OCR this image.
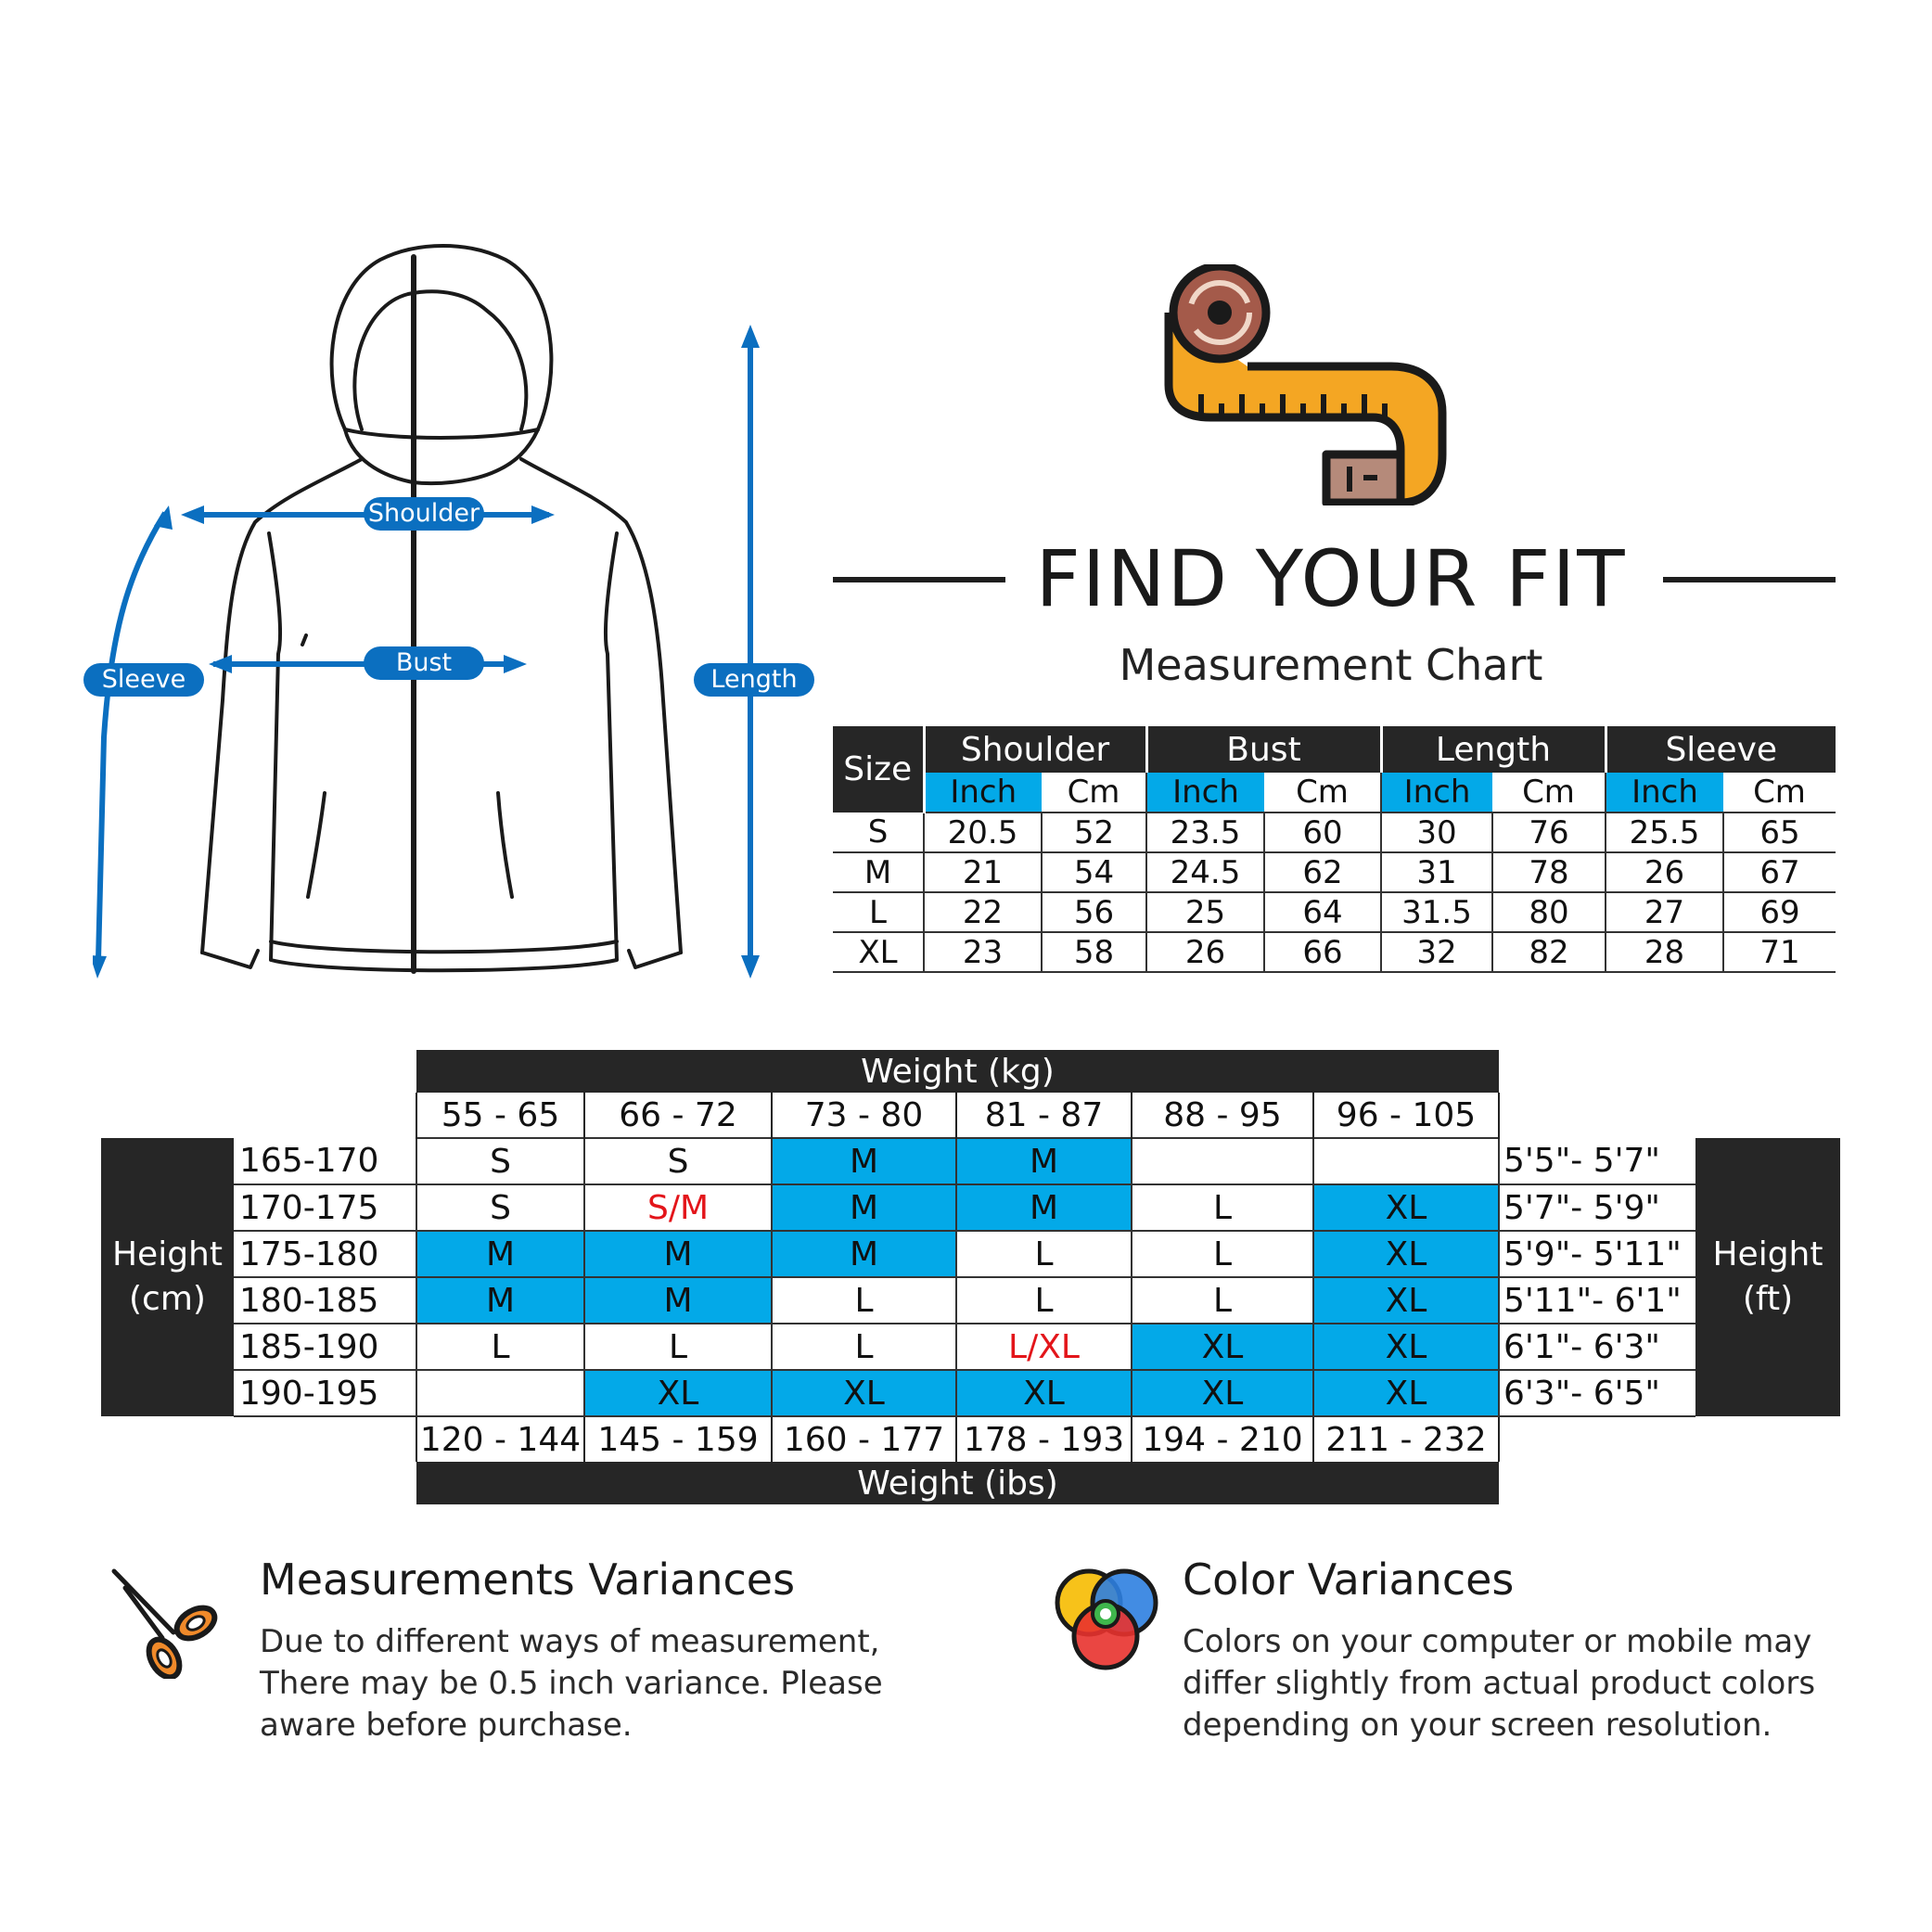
Shoulder
Bust
Sleeve	Length
FIND YOUR FIT
Measurement Chart
Size	Shoulder		Bust		Length		Sleeve	
	Inch	Cm	Inch	Cm	Inch	Cm	Inch	Cm
S	20.5	52	23.5	60	30	76	25.5	65
M	21	54	24.5	62	31	78	26	67
L	22	56	25	64	31.5	80	27	69
XL	23	58	26	66	32	82	28	71
		Weight (kg)							
		55 - 65	66 - 72	73 - 80	81 - 87	88 - 95	96 - 105		
Height (cm)	165-170	S	S	M	M			5'5"- 5'7"	Height (ft)
	170-175	S	S/M	M	M	L	XL	5'7"- 5'9"	
	175-180	M	M	M	L	L	XL	5'9"- 5'11"	
	180-185	M	M	L	L	L	XL	5'11"- 6'1"	
	185-190	L	L	L	L/XL	XL	XL	6'1"- 6'3"	
	190-195		XL	XL	XL	XL	XL	6'3"- 6'5"	
		120 - 144	145 - 159	160 - 177	178 - 193	194 - 210	211 - 232		
		Weight (ibs)							
Measurements Variances
Due to different ways of measurement,
There may be 0.5 inch variance. Please
aware before purchase.
Color Variances
Colors on your computer or mobile may
differ slightly from actual product colors
depending on your screen resolution.
